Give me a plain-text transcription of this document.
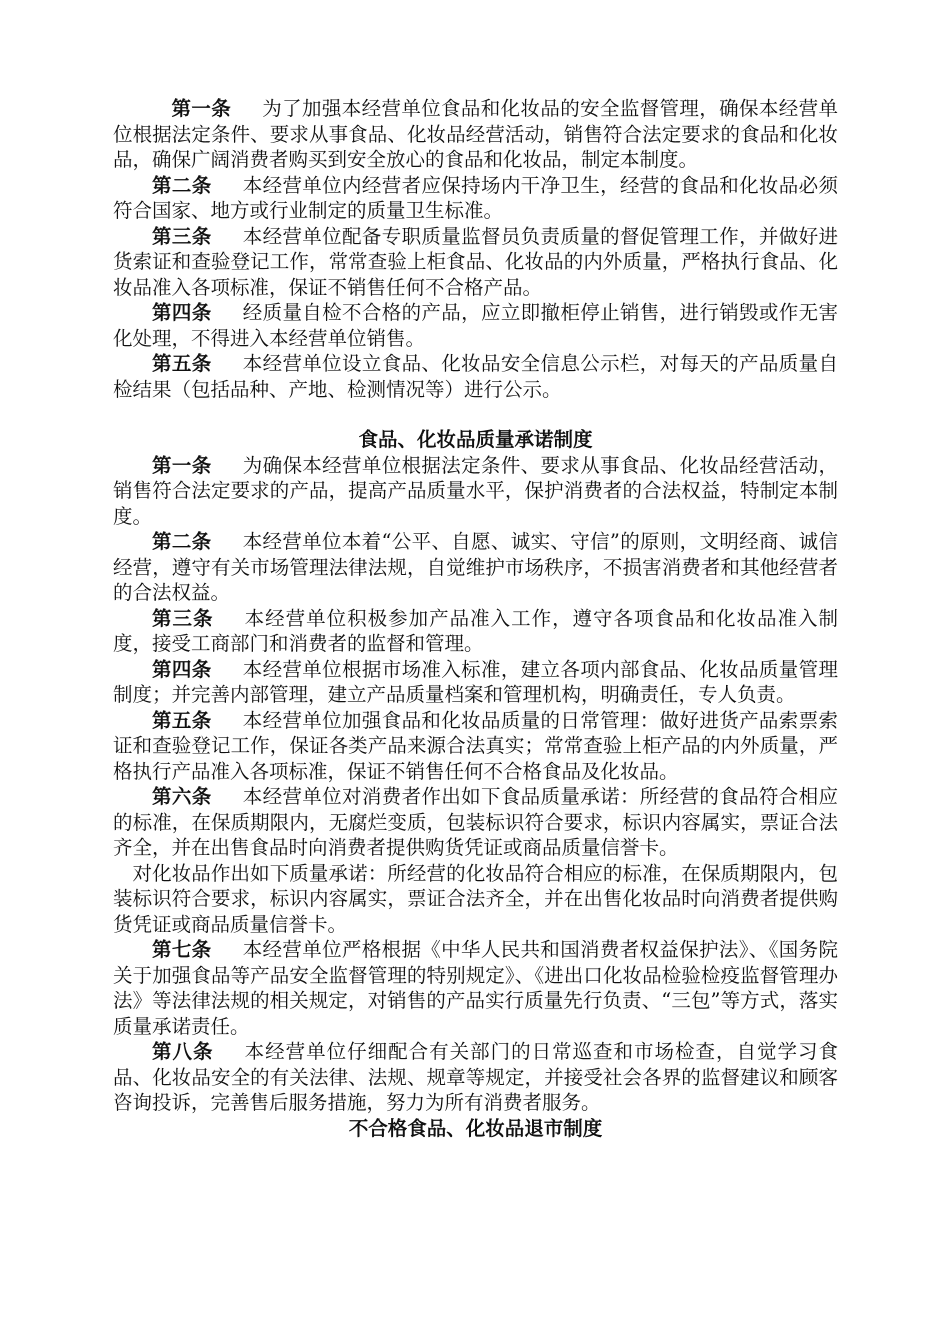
第一条 为了加强本经营单位食品和化妆品的安全监督管理，确保本经营单位根据法定条件、要求从事食品、化妆品经营活动，销售符合法定要求的食品和化妆品，确保广阔消费者购买到安全放心的食品和化妆品，制定本制度。

第二条 本经营单位内经营者应保持场内干净卫生，经营的食品和化妆品必须符合国家、地方或行业制定的质量卫生标准。

第三条 本经营单位配备专职质量监督员负责质量的督促管理工作，并做好进货索证和查验登记工作，常常查验上柜食品、化妆品的内外质量，严格执行食品、化妆品准入各项标准，保证不销售任何不合格产品。

第四条 经质量自检不合格的产品，应立即撤柜停止销售，进行销毁或作无害化处理，不得进入本经营单位销售。

第五条 本经营单位设立食品、化妆品安全信息公示栏，对每天的产品质量自检结果（包括品种、产地、检测情况等）进行公示。

食品、化妆品质量承诺制度

第一条 为确保本经营单位根据法定条件、要求从事食品、化妆品经营活动，销售符合法定要求的产品，提高产品质量水平，保护消费者的合法权益，特制定本制度。

第二条 本经营单位本着“公平、自愿、诚实、守信”的原则，文明经商、诚信经营，遵守有关市场管理法律法规，自觉维护市场秩序，不损害消费者和其他经营者的合法权益。

第三条 本经营单位积极参加产品准入工作，遵守各项食品和化妆品准入制度，接受工商部门和消费者的监督和管理。

第四条 本经营单位根据市场准入标准，建立各项内部食品、化妆品质量管理制度；并完善内部管理，建立产品质量档案和管理机构，明确责任，专人负责。

第五条 本经营单位加强食品和化妆品质量的日常管理：做好进货产品索票索证和查验登记工作，保证各类产品来源合法真实；常常查验上柜产品的内外质量，严格执行产品准入各项标准，保证不销售任何不合格食品及化妆品。

第六条 本经营单位对消费者作出如下食品质量承诺：所经营的食品符合相应的标准，在保质期限内，无腐烂变质，包装标识符合要求，标识内容属实，票证合法齐全，并在出售食品时向消费者提供购货凭证或商品质量信誉卡。

对化妆品作出如下质量承诺：所经营的化妆品符合相应的标准，在保质期限内，包装标识符合要求，标识内容属实，票证合法齐全，并在出售化妆品时向消费者提供购货凭证或商品质量信誉卡。

第七条 本经营单位严格根据《中华人民共和国消费者权益保护法》、《国务院关于加强食品等产品安全监督管理的特别规定》、《进出口化妆品检验检疫监督管理办法》等法律法规的相关规定，对销售的产品实行质量先行负责、“三包”等方式，落实质量承诺责任。

第八条 本经营单位仔细配合有关部门的日常巡查和市场检查，自觉学习食品、化妆品安全的有关法律、法规、规章等规定，并接受社会各界的监督建议和顾客咨询投诉，完善售后服务措施，努力为所有消费者服务。

不合格食品、化妆品退市制度
